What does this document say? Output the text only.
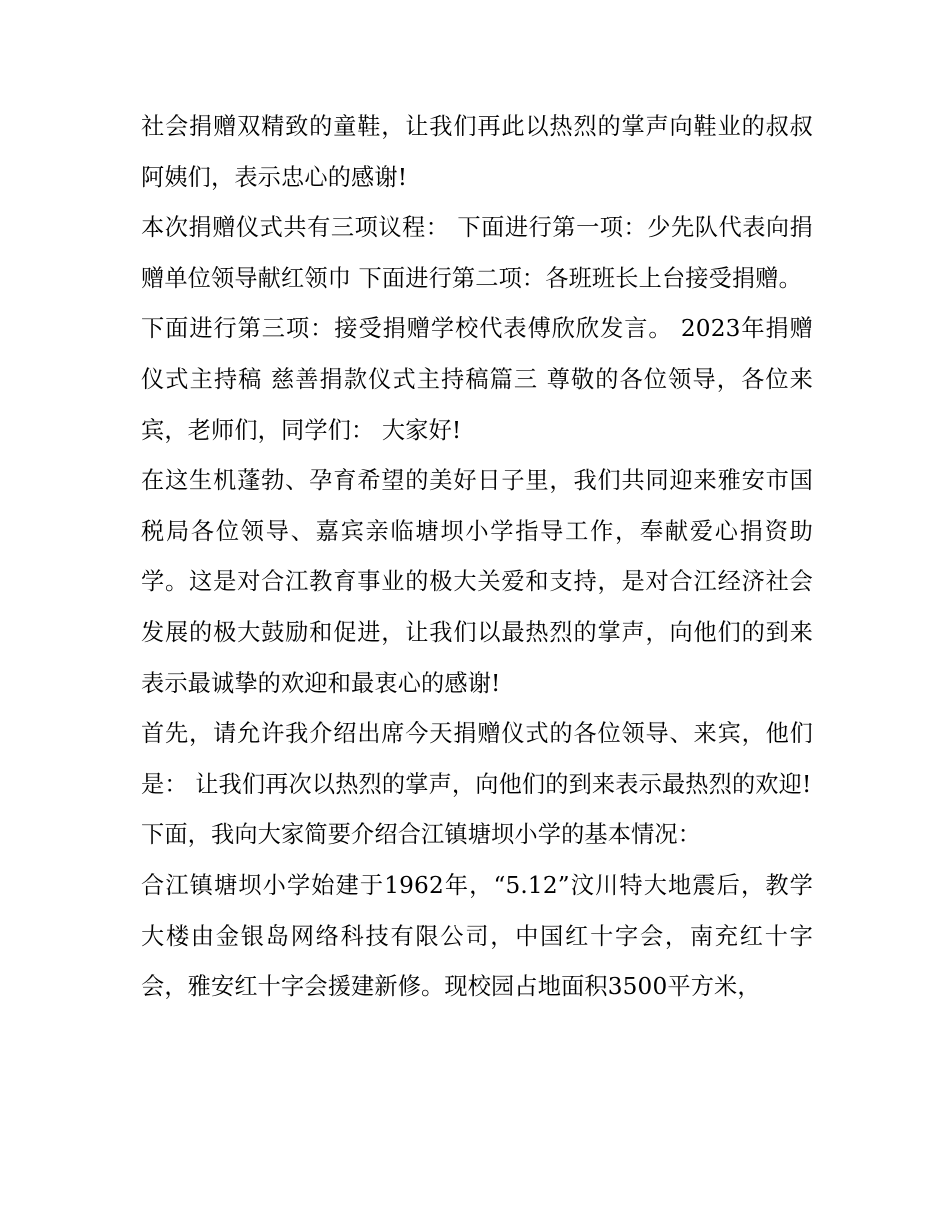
社会捐赠双精致的童鞋，让我们再此以热烈的掌声向鞋业的叔叔阿姨们，表示忠心的感谢!

本次捐赠仪式共有三项议程： 下面进行第一项：少先队代表向捐赠单位领导献红领巾 下面进行第二项：各班班长上台接受捐赠。

下面进行第三项：接受捐赠学校代表傅欣欣发言。 2023年捐赠仪式主持稿 慈善捐款仪式主持稿篇三 尊敬的各位领导，各位来宾，老师们，同学们： 大家好!

在这生机蓬勃、孕育希望的美好日子里，我们共同迎来雅安市国税局各位领导、嘉宾亲临塘坝小学指导工作，奉献爱心捐资助学。这是对合江教育事业的极大关爱和支持，是对合江经济社会发展的极大鼓励和促进，让我们以最热烈的掌声，向他们的到来表示最诚挚的欢迎和最衷心的感谢!

首先，请允许我介绍出席今天捐赠仪式的各位领导、来宾，他们是： 让我们再次以热烈的掌声，向他们的到来表示最热烈的欢迎!

下面，我向大家简要介绍合江镇塘坝小学的基本情况：

合江镇塘坝小学始建于1962年，“5.12”汶川特大地震后，教学大楼由金银岛网络科技有限公司，中国红十字会，南充红十字会，雅安红十字会援建新修。现校园占地面积3500平方米，
